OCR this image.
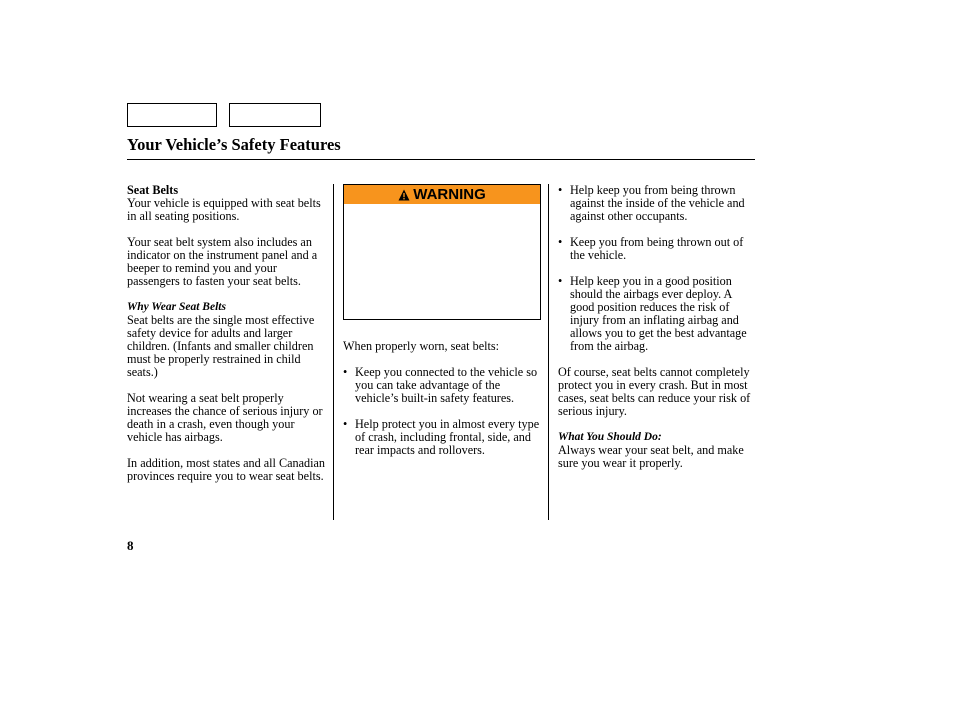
Your Vehicle’s Safety Features

Seat Belts

Your vehicle is equipped with seat belts in all seating positions.

Your seat belt system also includes an indicator on the instrument panel and a beeper to remind you and your passengers to fasten your seat belts.

Why Wear Seat Belts

Seat belts are the single most effective safety device for adults and larger children. (Infants and smaller children must be properly restrained in child seats.)

Not wearing a seat belt properly increases the chance of serious injury or death in a crash, even though your vehicle has airbags.

In addition, most states and all Canadian provinces require you to wear seat belts.

WARNING

When properly worn, seat belts:

• Keep you connected to the vehicle so you can take advantage of the vehicle’s built-in safety features.
• Help protect you in almost every type of crash, including frontal, side, and rear impacts and rollovers.
• Help keep you from being thrown against the inside of the vehicle and against other occupants.
• Keep you from being thrown out of the vehicle.
• Help keep you in a good position should the airbags ever deploy. A good position reduces the risk of injury from an inflating airbag and allows you to get the best advantage from the airbag.

Of course, seat belts cannot completely protect you in every crash. But in most cases, seat belts can reduce your risk of serious injury.

What You Should Do:

Always wear your seat belt, and make sure you wear it properly.

8
